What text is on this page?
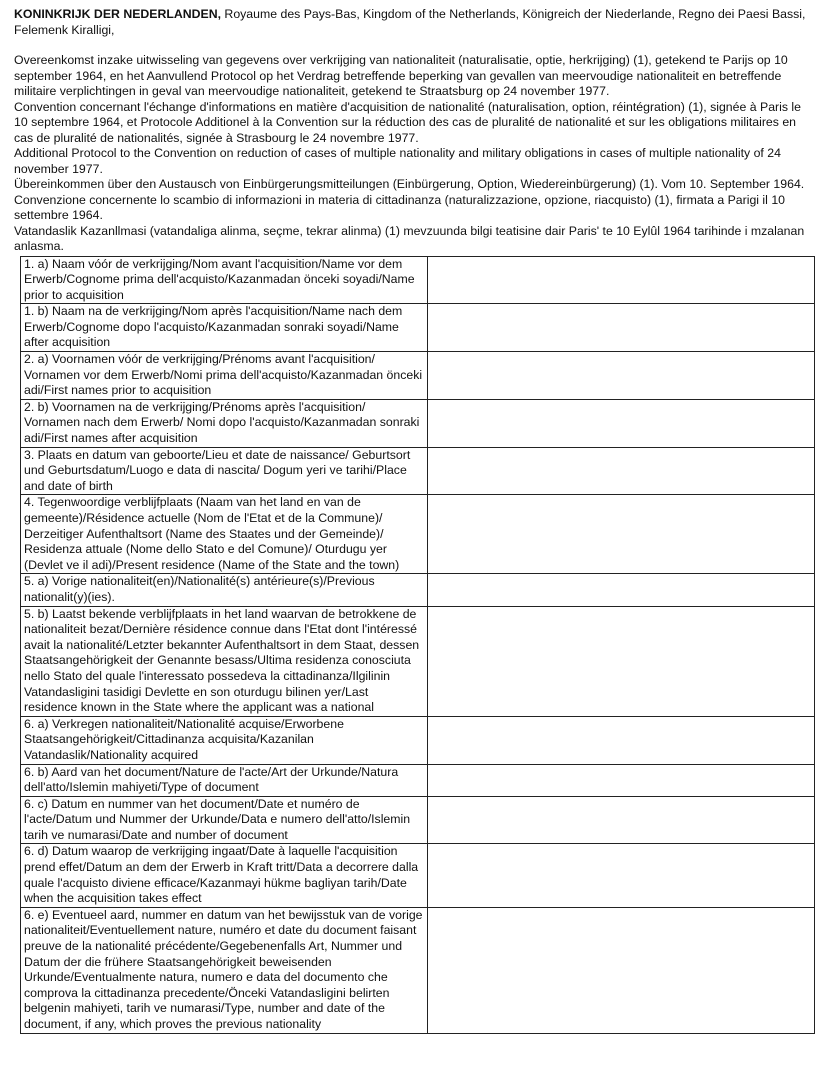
KONINKRIJK DER NEDERLANDEN, Royaume des Pays-Bas, Kingdom of the Netherlands, Königreich der Niederlande, Regno dei Paesi Bassi, Felemenk Kiralligi,

Overeenkomst inzake uitwisseling van gegevens over verkrijging van nationaliteit (naturalisatie, optie, herkrijging) (1), getekend te Parijs op 10 september 1964, en het Aanvullend Protocol op het Verdrag betreffende beperking van gevallen van meervoudige nationaliteit en betreffende militaire verplichtingen in geval van meervoudige nationaliteit, getekend te Straatsburg op 24 november 1977.

Convention concernant l'échange d'informations en matière d'acquisition de nationalité (naturalisation, option, réintégration) (1), signée à Paris le 10 septembre 1964, et Protocole Additionel à la Convention sur la réduction des cas de pluralité de nationalité et sur les obligations militaires en cas de pluralité de nationalités, signée à Strasbourg le 24 novembre 1977.

Additional Protocol to the Convention on reduction of cases of multiple nationality and military obligations in cases of multiple nationality of 24 november 1977.

Übereinkommen über den Austausch von Einbürgerungsmitteilungen (Einbürgerung, Option, Wiedereinbürgerung) (1). Vom 10. September 1964.

Convenzione concernente lo scambio di informazioni in materia di cittadinanza (naturalizzazione, opzione, riacquisto) (1), firmata a Parigi il 10 settembre 1964.

Vatandaslik Kazanllmasi (vatandaliga alinma, seçme, tekrar alinma) (1) mevzuunda bilgi teatisine dair Paris' te 10 Eylûl 1964 tarihinde i mzalanan anlasma.

1. a) Naam vóór de verkrijging/Nom avant l'acquisition/Name vor dem Erwerb/Cognome prima dell'acquisto/Kazanmadan önceki soyadi/Name prior to acquisition	
1. b) Naam na de verkrijging/Nom après l'acquisition/Name nach dem Erwerb/Cognome dopo l'acquisto/Kazanmadan sonraki soyadi/Name after acquisition	
2. a) Voornamen vóór de verkrijging/Prénoms avant l'acquisition/ Vornamen vor dem Erwerb/Nomi prima dell'acquisto/Kazanmadan önceki adi/First names prior to acquisition	
2. b) Voornamen na de verkrijging/Prénoms après l'acquisition/ Vornamen nach dem Erwerb/ Nomi dopo l'acquisto/Kazanmadan sonraki adi/First names after acquisition	
3. Plaats en datum van geboorte/Lieu et date de naissance/ Geburtsort und Geburtsdatum/Luogo e data di nascita/ Dogum yeri ve tarihi/Place and date of birth	
4. Tegenwoordige verblijfplaats (Naam van het land en van de gemeente)/Résidence actuelle (Nom de l'Etat et de la Commune)/ Derzeitiger Aufenthaltsort (Name des Staates und der Gemeinde)/ Residenza attuale (Nome dello Stato e del Comune)/ Oturdugu yer (Devlet ve il adi)/Present residence (Name of the State and the town)	
5. a) Vorige nationaliteit(en)/Nationalité(s) antérieure(s)/Previous nationalit(y)(ies).	
5. b) Laatst bekende verblijfplaats in het land waarvan de betrokkene de nationaliteit bezat/Dernière résidence connue dans l'Etat dont l'intéressé avait la nationalité/Letzter bekannter Aufenthaltsort in dem Staat, dessen Staatsangehörigkeit der Genannte besass/Ultima residenza conosciuta nello Stato del quale l'interessato possedeva la cittadinanza/Ilgilinin Vatandasligini tasidigi Devlette en son oturdugu bilinen yer/Last residence known in the State where the applicant was a national	
6. a) Verkregen nationaliteit/Nationalité acquise/Erworbene Staatsangehörigkeit/Cittadinanza acquisita/Kazanilan Vatandaslik/Nationality acquired	
6. b) Aard van het document/Nature de l'acte/Art der Urkunde/Natura dell'atto/Islemin mahiyeti/Type of document	
6. c) Datum en nummer van het document/Date et numéro de l'acte/Datum und Nummer der Urkunde/Data e numero dell'atto/Islemin tarih ve numarasi/Date and number of document	
6. d) Datum waarop de verkrijging ingaat/Date à laquelle l'acquisition prend effet/Datum an dem der Erwerb in Kraft tritt/Data a decorrere dalla quale l'acquisto diviene efficace/Kazanmayi hükme bagliyan tarih/Date when the acquisition takes effect	
6. e) Eventueel aard, nummer en datum van het bewijsstuk van de vorige nationaliteit/Eventuellement nature, numéro et date du document faisant preuve de la nationalité précédente/Gegebenenfalls Art, Nummer und Datum der die frühere Staatsangehörigkeit beweisenden Urkunde/Eventualmente natura, numero e data del documento che comprova la cittadinanza precedente/Önceki Vatandasligini belirten belgenin mahiyeti, tarih ve numarasi/Type, number and date of the document, if any, which proves the previous nationality	
